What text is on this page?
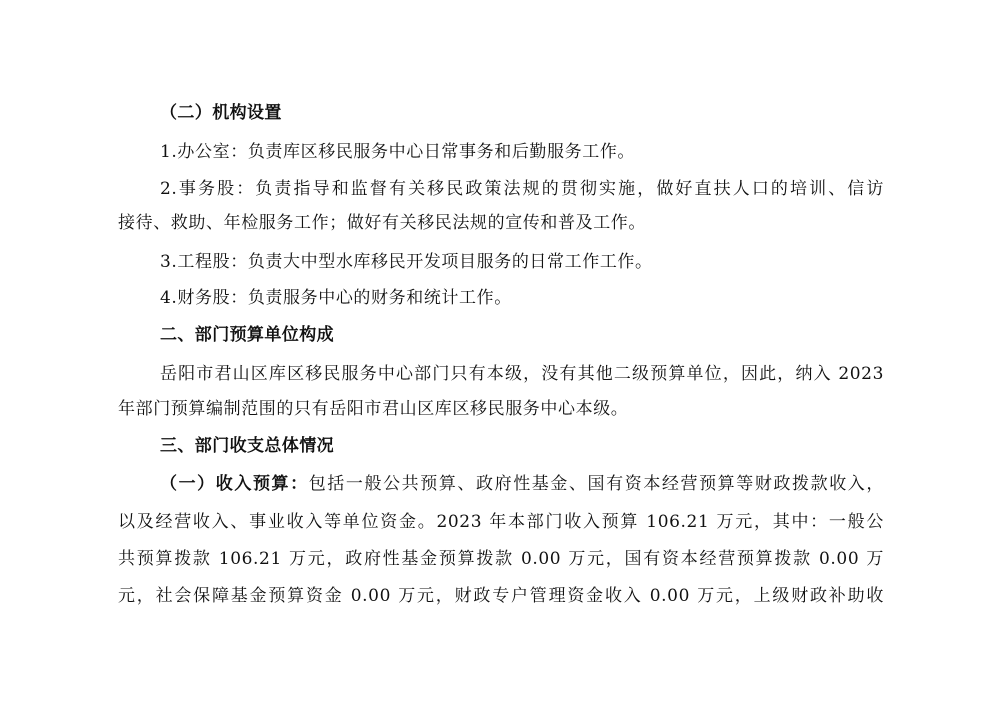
（二）机构设置
1.办公室：负责库区移民服务中心日常事务和后勤服务工作。
2.事务股：负责指导和监督有关移民政策法规的贯彻实施，做好直扶人口的培训、信访
接待、救助、年检服务工作；做好有关移民法规的宣传和普及工作。
3.工程股：负责大中型水库移民开发项目服务的日常工作工作。
4.财务股：负责服务中心的财务和统计工作。
二、部门预算单位构成
岳阳市君山区库区移民服务中心部门只有本级，没有其他二级预算单位，因此，纳入 2023
年部门预算编制范围的只有岳阳市君山区库区移民服务中心本级。
三、部门收支总体情况
（一）收入预算：包括一般公共预算、政府性基金、国有资本经营预算等财政拨款收入，
以及经营收入、事业收入等单位资金。2023 年本部门收入预算 106.21 万元，其中：一般公
共预算拨款 106.21 万元，政府性基金预算拨款 0.00 万元，国有资本经营预算拨款 0.00 万
元，社会保障基金预算资金 0.00 万元，财政专户管理资金收入 0.00 万元，上级财政补助收
